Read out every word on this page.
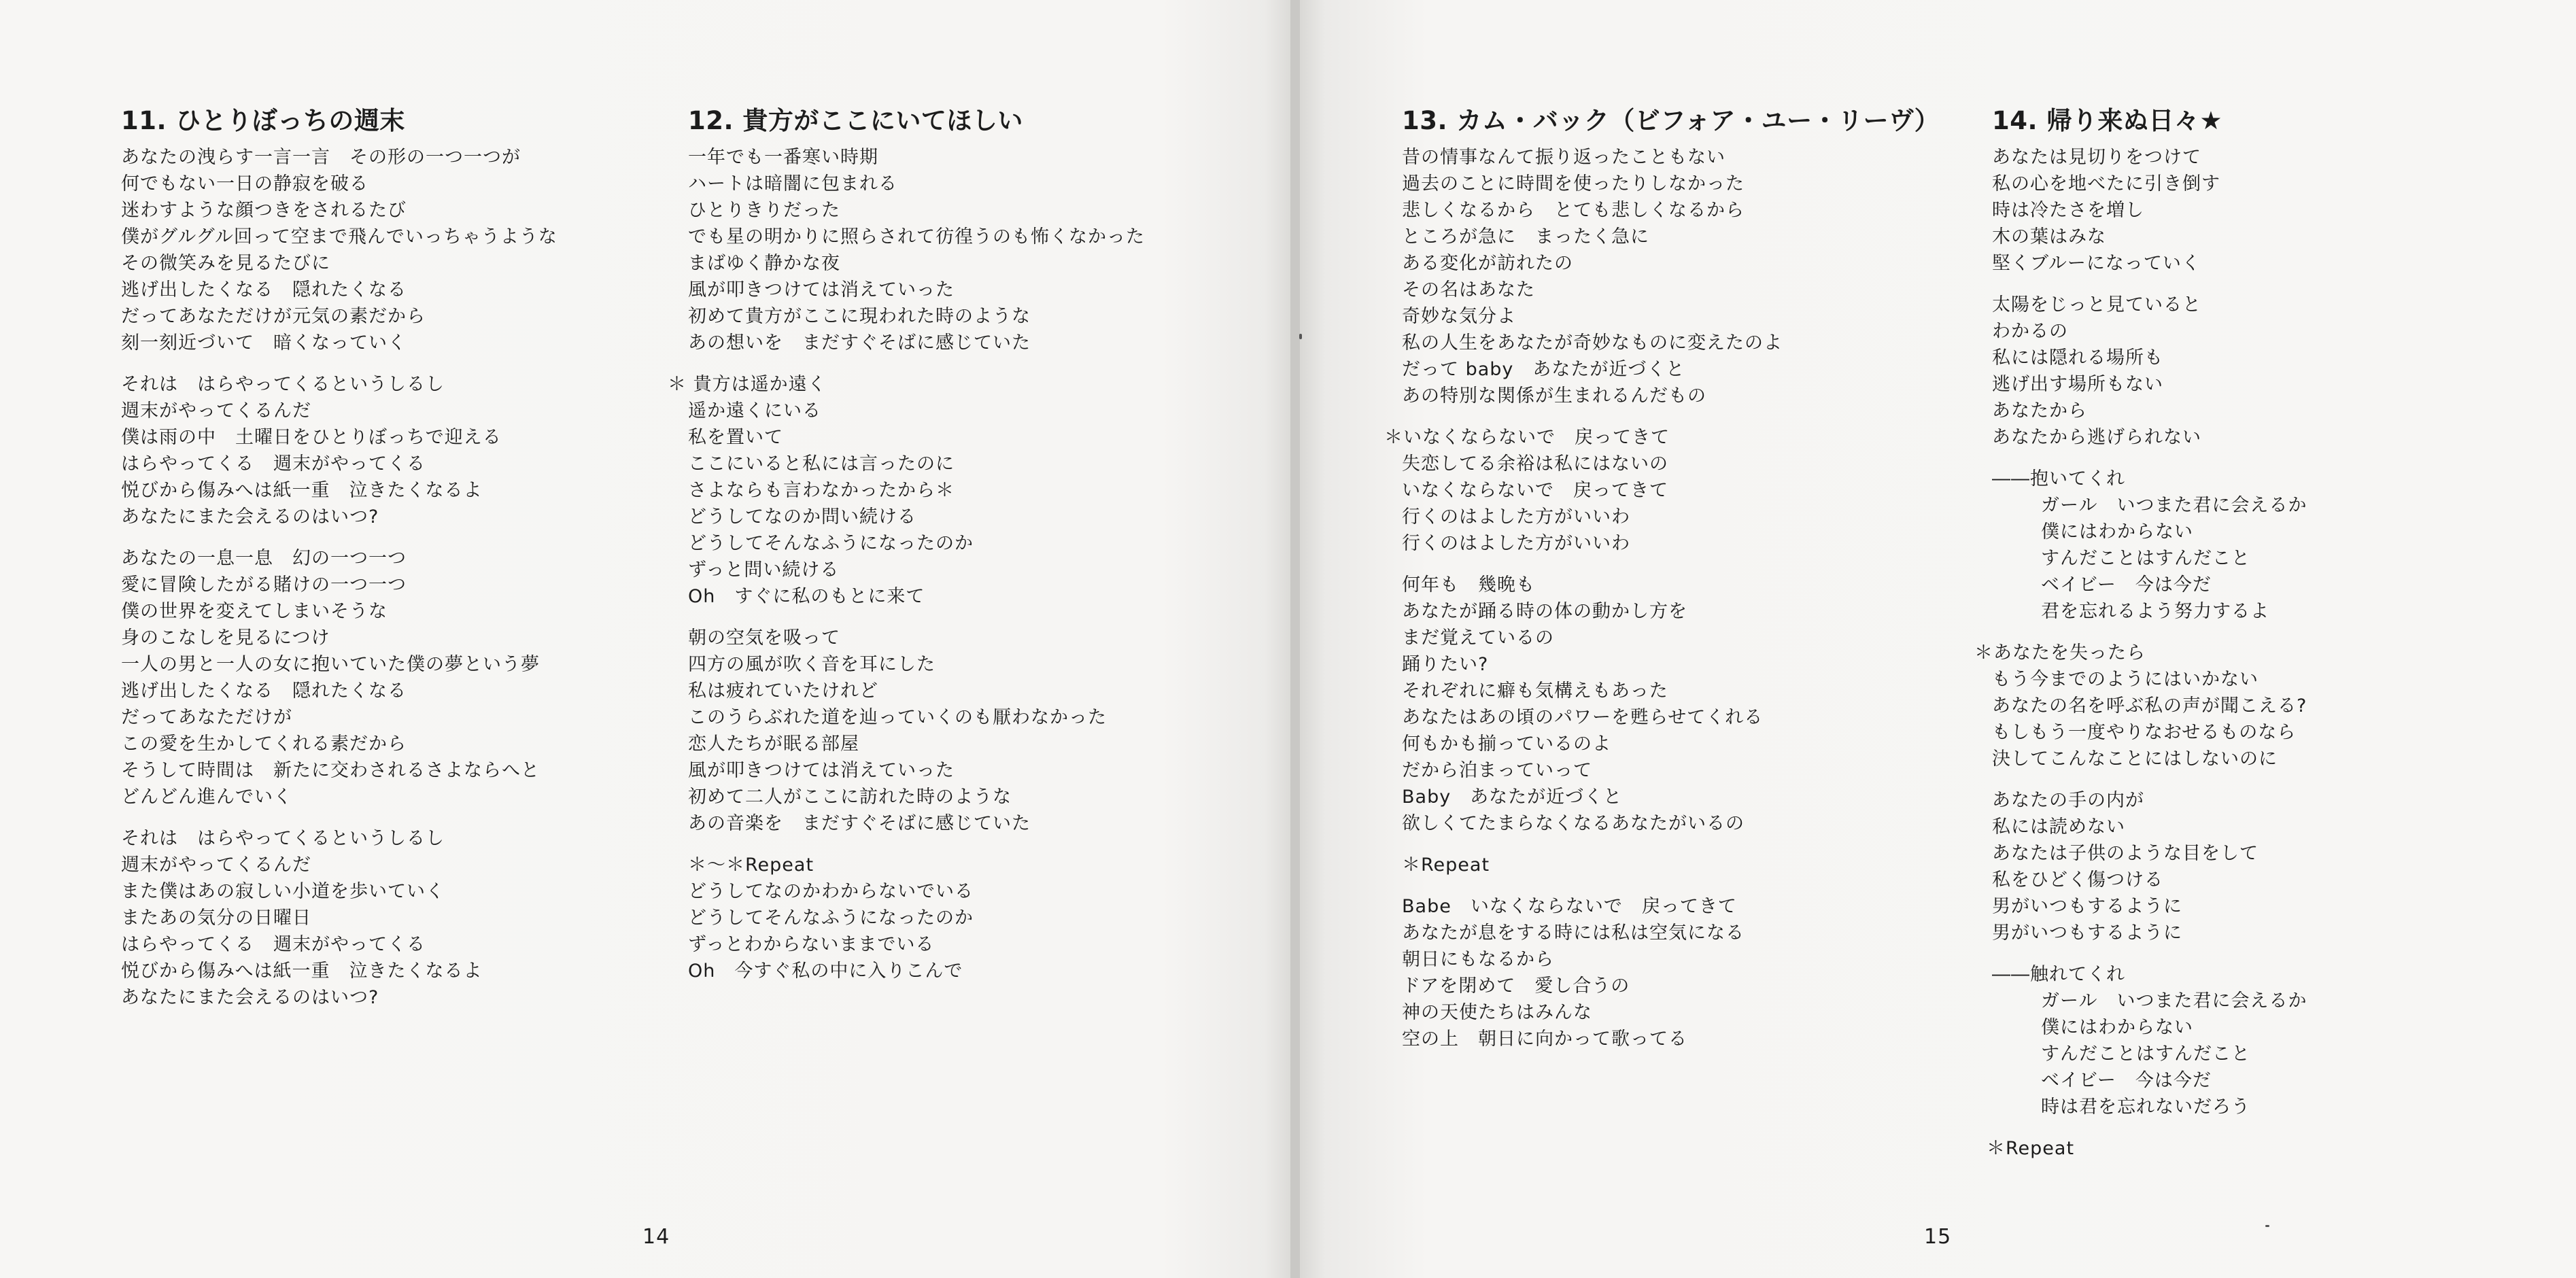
11. ひとりぼっちの週末
あなたの洩らす一言一言　その形の一つ一つが
何でもない一日の静寂を破る
迷わすような顔つきをされるたび
僕がグルグル回って空まで飛んでいっちゃうような
その微笑みを見るたびに
逃げ出したくなる　隠れたくなる
だってあなただけが元気の素だから
刻一刻近づいて　暗くなっていく
それは　はらやってくるというしるし
週末がやってくるんだ
僕は雨の中　土曜日をひとりぼっちで迎える
はらやってくる　週末がやってくる
悦びから傷みへは紙一重　泣きたくなるよ
あなたにまた会えるのはいつ?
あなたの一息一息　幻の一つ一つ
愛に冒険したがる賭けの一つ一つ
僕の世界を変えてしまいそうな
身のこなしを見るにつけ
一人の男と一人の女に抱いていた僕の夢という夢
逃げ出したくなる　隠れたくなる
だってあなただけが
この愛を生かしてくれる素だから
そうして時間は　新たに交わされるさよならへと
どんどん進んでいく
それは　はらやってくるというしるし
週末がやってくるんだ
また僕はあの寂しい小道を歩いていく
またあの気分の日曜日
はらやってくる　週末がやってくる
悦びから傷みへは紙一重　泣きたくなるよ
あなたにまた会えるのはいつ?
12. 貴方がここにいてほしい
一年でも一番寒い時期
ハートは暗闇に包まれる
ひとりきりだった
でも星の明かりに照らされて彷徨うのも怖くなかった
まばゆく静かな夜
風が叩きつけては消えていった
初めて貴方がここに現われた時のような
あの想いを　まだすぐそばに感じていた
＊ 貴方は遥か遠く
遥か遠くにいる
私を置いて
ここにいると私には言ったのに
さよならも言わなかったから＊
どうしてなのか問い続ける
どうしてそんなふうになったのか
ずっと問い続ける
Oh　すぐに私のもとに来て
朝の空気を吸って
四方の風が吹く音を耳にした
私は疲れていたけれど
このうらぶれた道を辿っていくのも厭わなかった
恋人たちが眠る部屋
風が叩きつけては消えていった
初めて二人がここに訪れた時のような
あの音楽を　まだすぐそばに感じていた
＊～＊Repeat
どうしてなのかわからないでいる
どうしてそんなふうになったのか
ずっとわからないままでいる
Oh　今すぐ私の中に入りこんで
13. カム・バック（ビフォア・ユー・リーヴ）
昔の情事なんて振り返ったこともない
過去のことに時間を使ったりしなかった
悲しくなるから　とても悲しくなるから
ところが急に　まったく急に
ある変化が訪れたの
その名はあなた
奇妙な気分よ
私の人生をあなたが奇妙なものに変えたのよ
だって baby　あなたが近づくと
あの特別な関係が生まれるんだもの
＊いなくならないで　戻ってきて
失恋してる余裕は私にはないの
いなくならないで　戻ってきて
行くのはよした方がいいわ
行くのはよした方がいいわ
何年も　幾晩も
あなたが踊る時の体の動かし方を
まだ覚えているの
踊りたい?
それぞれに癖も気構えもあった
あなたはあの頃のパワーを甦らせてくれる
何もかも揃っているのよ
だから泊まっていって
Baby　あなたが近づくと
欲しくてたまらなくなるあなたがいるの
＊Repeat
Babe　いなくならないで　戻ってきて
あなたが息をする時には私は空気になる
朝日にもなるから
ドアを閉めて　愛し合うの
神の天使たちはみんな
空の上　朝日に向かって歌ってる
14. 帰り来ぬ日々★
あなたは見切りをつけて
私の心を地べたに引き倒す
時は冷たさを増し
木の葉はみな
堅くブルーになっていく
太陽をじっと見ていると
わかるの
私には隠れる場所も
逃げ出す場所もない
あなたから
あなたから逃げられない
――抱いてくれ
ガール　いつまた君に会えるか
僕にはわからない
すんだことはすんだこと
ベイビー　今は今だ
君を忘れるよう努力するよ
＊あなたを失ったら
もう今までのようにはいかない
あなたの名を呼ぶ私の声が聞こえる?
もしもう一度やりなおせるものなら
決してこんなことにはしないのに
あなたの手の内が
私には読めない
あなたは子供のような目をして
私をひどく傷つける
男がいつもするように
男がいつもするように
――触れてくれ
ガール　いつまた君に会えるか
僕にはわからない
すんだことはすんだこと
ベイビー　今は今だ
時は君を忘れないだろう
＊Repeat
14	15
